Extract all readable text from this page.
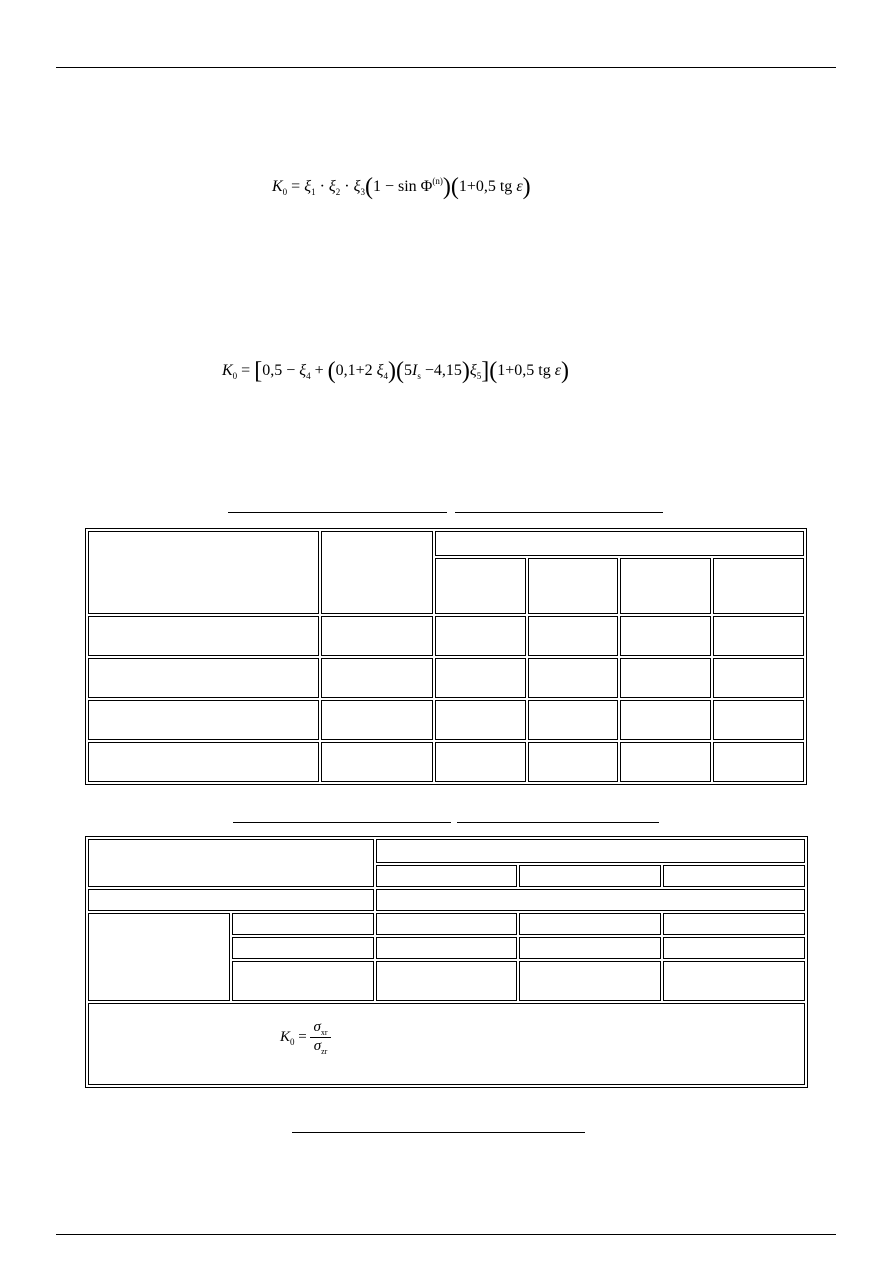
$K_0 = \xi_1 \cdot \xi_2 \cdot \xi_3(1 - \sin \Phi^{(n)})(1+0,5$ tg ε)
$K_0 = [0,5 - \xi_4 + (0,1+2$ $\xi_4)(5I_s -4,15)\xi_5](1+0,5$ tg ε)

$K_0 = \frac{\sigma_{xr}}{\sigma_{zr}}$
